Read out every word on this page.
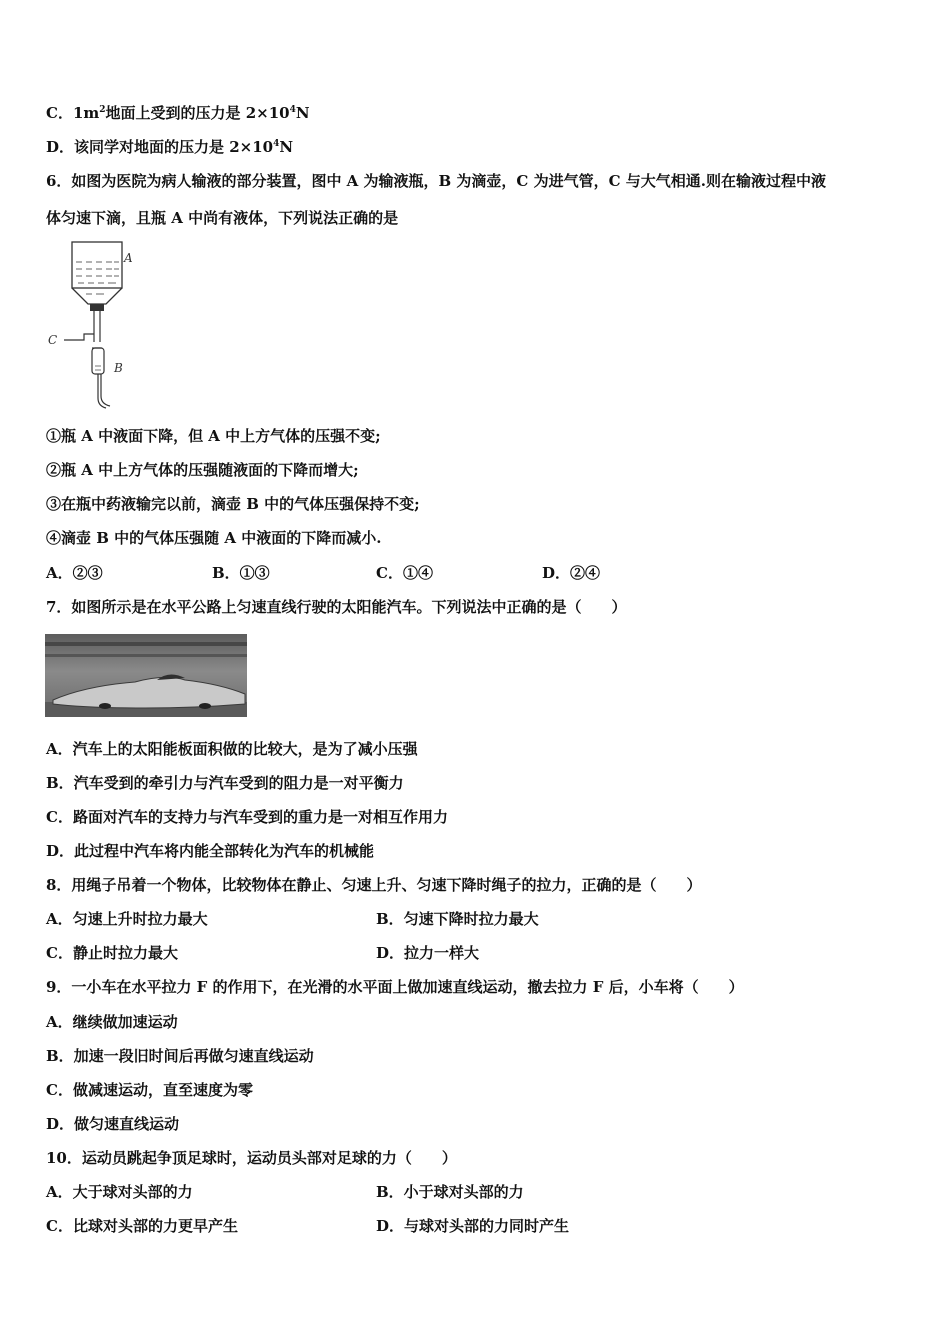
C．$1m^2$地面上受到的压力是 $2\times 10^4N$
D．该同学对地面的压力是 $2\times 10^4N$
6．如图为医院为病人输液的部分装置，图中 A 为输液瓶，B 为滴壶，C 为进气管，C 与大气相通.则在输液过程中液
体匀速下滴，且瓶 A 中尚有液体，下列说法正确的是
A
C
B
①瓶 A 中液面下降，但 A 中上方气体的压强不变;
②瓶 A 中上方气体的压强随液面的下降而增大;
③在瓶中药液输完以前，滴壶 B 中的气体压强保持不变;
④滴壶 B 中的气体压强随 A 中液面的下降而减小.
A．②③	B．①③	C．①④	D．②④
7．如图所示是在水平公路上匀速直线行驶的太阳能汽车。下列说法中正确的是（　　）
A．汽车上的太阳能板面积做的比较大，是为了减小压强
B．汽车受到的牵引力与汽车受到的阻力是一对平衡力
C．路面对汽车的支持力与汽车受到的重力是一对相互作用力
D．此过程中汽车将内能全部转化为汽车的机械能
8．用绳子吊着一个物体，比较物体在静止、匀速上升、匀速下降时绳子的拉力，正确的是（　　）
A．匀速上升时拉力最大	B．匀速下降时拉力最大
C．静止时拉力最大	D．拉力一样大
9．一小车在水平拉力 F 的作用下，在光滑的水平面上做加速直线运动，撤去拉力 F 后，小车将（　　）
A．继续做加速运动
B．加速一段旧时间后再做匀速直线运动
C．做减速运动，直至速度为零
D．做匀速直线运动
10．运动员跳起争顶足球时，运动员头部对足球的力（　　）
A．大于球对头部的力	B．小于球对头部的力
C．比球对头部的力更早产生	D．与球对头部的力同时产生
